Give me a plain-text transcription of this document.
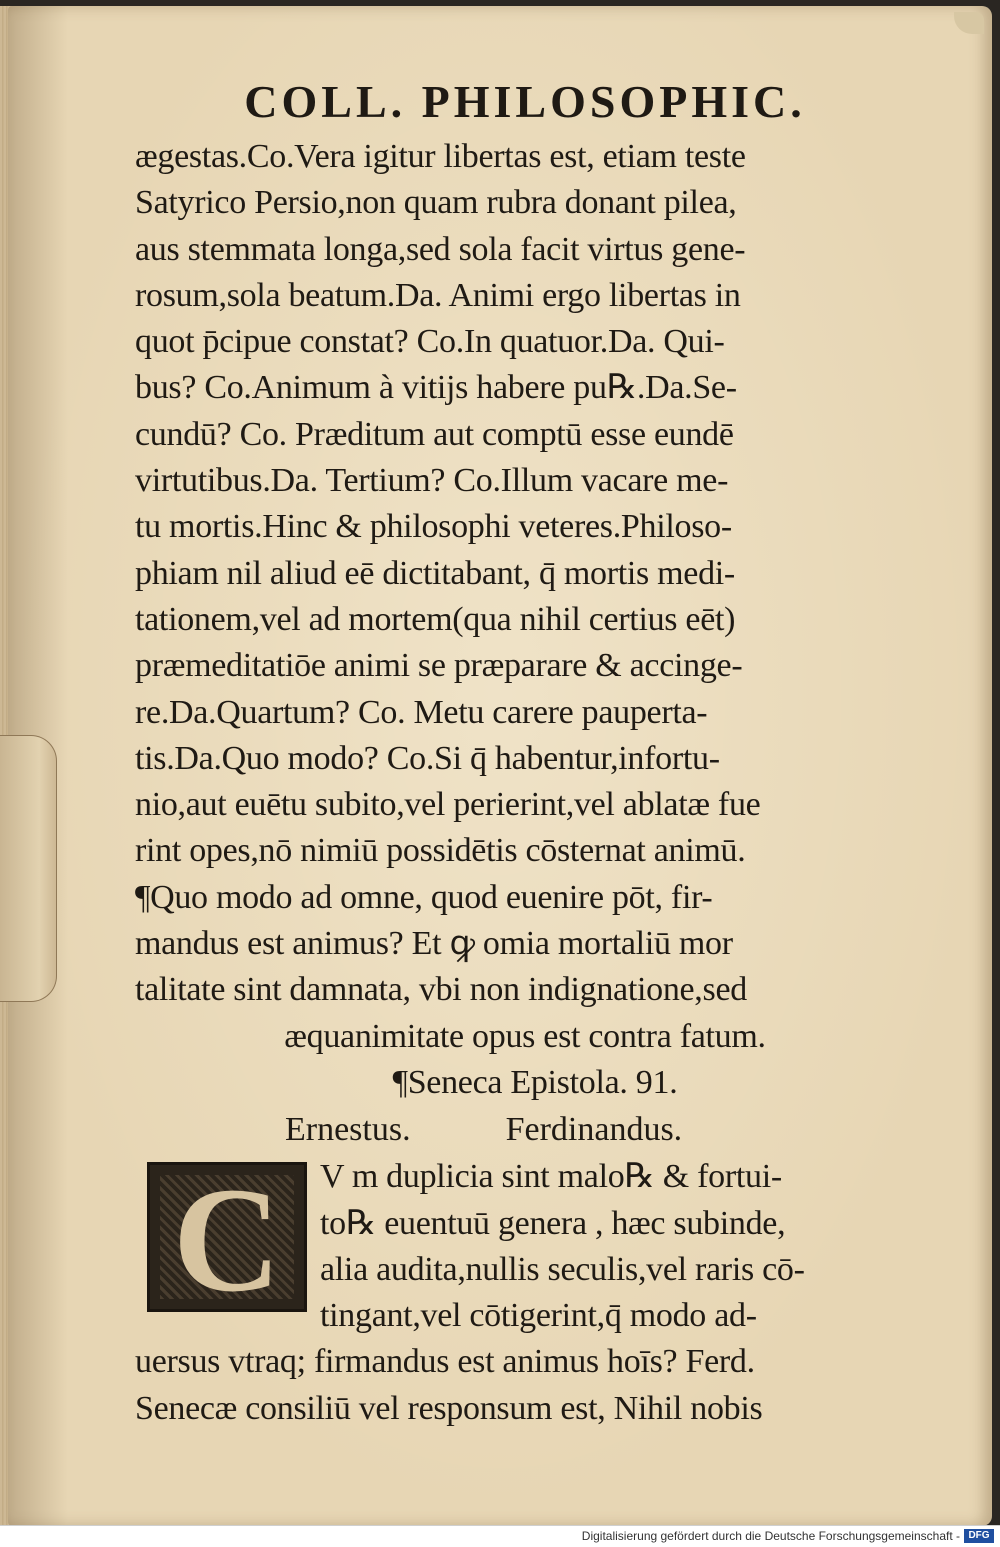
COLL. PHILOSOPHIC.
ægestas.Co.Vera igitur libertas est, etiam teste
Satyrico Persio,non quam rubra donant pilea,
aus stemmata longa,sed sola facit virtus gene-
rosum,sola beatum.Da. Animi ergo libertas in
quot p̄cipue constat? Co.In quatuor.Da. Qui-
bus? Co.Animum à vitijs habere pu℞.Da.Se-
cundū? Co. Præditum aut comptū esse eundē
virtutibus.Da. Tertium? Co.Illum vacare me-
tu mortis.Hinc & philosophi veteres.Philoso-
phiam nil aliud eē dictitabant, q̄ mortis medi-
tationem,vel ad mortem(qua nihil certius eēt)
præmeditatiōe animi se præparare & accinge-
re.Da.Quartum? Co. Metu carere pauperta-
tis.Da.Quo modo? Co.Si q̄ habentur,infortu-
nio,aut euētu subito,vel perierint,vel ablatæ fue
rint opes,nō nimiū possidētis cōsternat animū.
¶Quo modo ad omne, quod euenire pōt, fir-
mandus est animus? Et ꝙ omia mortaliū mor
talitate sint damnata, vbi non indignatione,sed
æquanimitate opus est contra fatum.
¶Seneca Epistola. 91.
Ernestus.	Ferdinandus.
C	V m duplicia sint malo℞ & fortui-
to℞ euentuū genera , hæc subinde,
alia audita,nullis seculis,vel raris cō-
tingant,vel cōtigerint,q̄ modo ad-
uersus vtraq; firmandus est animus hoīs? Ferd.
Senecæ consiliū vel responsum est, Nihil nobis
Digitalisierung gefördert durch die Deutsche Forschungsgemeinschaft - DFG
